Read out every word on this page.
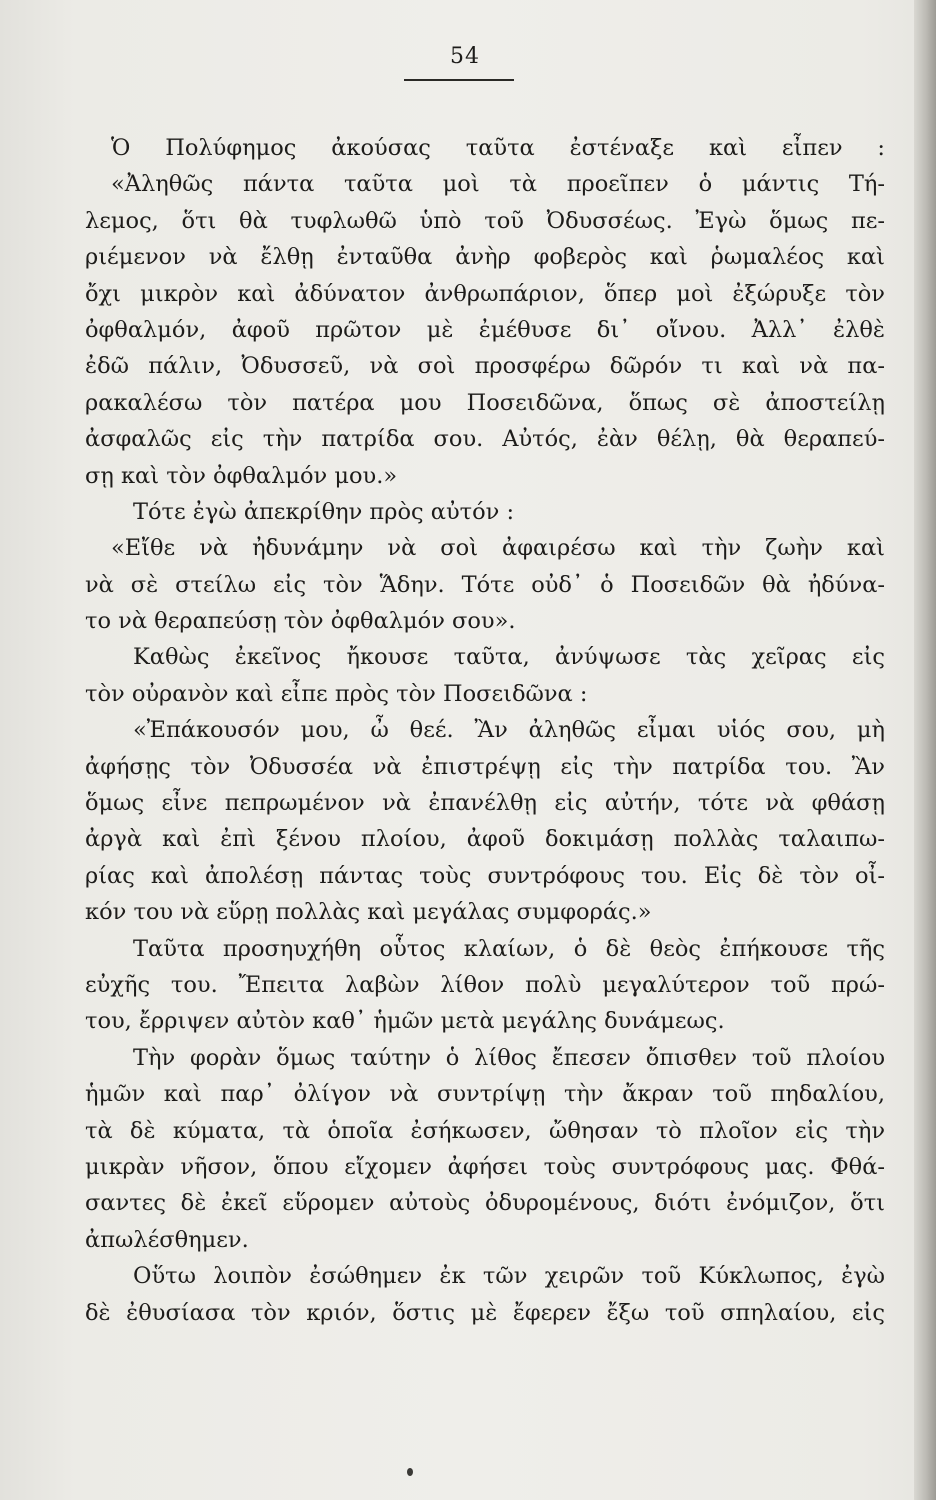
54
Ὁ Πολύφημος ἀκούσας ταῦτα ἐστέναξε καὶ εἶπεν :
«Ἀληθῶς πάντα ταῦτα μοὶ τὰ προεῖπεν ὁ μάντις Τή-
λεμος, ὅτι θὰ τυφλωθῶ ὑπὸ τοῦ Ὀδυσσέως. Ἐγὼ ὅμως πε-
ριέμενον νὰ ἔλθῃ ἐνταῦθα ἀνὴρ φοβερὸς καὶ ῥωμαλέος καὶ
ὄχι μικρὸν καὶ ἀδύνατον ἀνθρωπάριον, ὅπερ μοὶ ἐξώρυξε τὸν
ὀφθαλμόν, ἀφοῦ πρῶτον μὲ ἐμέθυσε δι᾽ οἴνου. Ἀλλ᾽ ἐλθὲ
ἐδῶ πάλιν, Ὀδυσσεῦ, νὰ σοὶ προσφέρω δῶρόν τι καὶ νὰ πα-
ρακαλέσω τὸν πατέρα μου Ποσειδῶνα, ὅπως σὲ ἀποστείλῃ
ἀσφαλῶς εἰς τὴν πατρίδα σου. Αὐτός, ἐὰν θέλῃ, θὰ θεραπεύ-
σῃ καὶ τὸν ὀφθαλμόν μου.»
Τότε ἐγὼ ἀπεκρίθην πρὸς αὐτόν :
«Εἴθε νὰ ἠδυνάμην νὰ σοὶ ἀφαιρέσω καὶ τὴν ζωὴν καὶ
νὰ σὲ στείλω εἰς τὸν Ἅδην. Τότε οὐδ᾽ ὁ Ποσειδῶν θὰ ἠδύνα-
το νὰ θεραπεύσῃ τὸν ὀφθαλμόν σου».
Καθὼς ἐκεῖνος ἤκουσε ταῦτα, ἀνύψωσε τὰς χεῖρας εἰς
τὸν οὐρανὸν καὶ εἶπε πρὸς τὸν Ποσειδῶνα :
«Ἐπάκουσόν μου, ὦ θεέ. Ἂν ἀληθῶς εἶμαι υἱός σου, μὴ
ἀφήσῃς τὸν Ὀδυσσέα νὰ ἐπιστρέψῃ εἰς τὴν πατρίδα του. Ἂν
ὅμως εἶνε πεπρωμένον νὰ ἐπανέλθῃ εἰς αὐτήν, τότε νὰ φθάσῃ
ἀργὰ καὶ ἐπὶ ξένου πλοίου, ἀφοῦ δοκιμάσῃ πολλὰς ταλαιπω-
ρίας καὶ ἀπολέσῃ πάντας τοὺς συντρόφους του. Εἰς δὲ τὸν οἶ-
κόν του νὰ εὕρῃ πολλὰς καὶ μεγάλας συμφοράς.»
Ταῦτα προσηυχήθη οὗτος κλαίων, ὁ δὲ θεὸς ἐπήκουσε τῆς
εὐχῆς του. Ἔπειτα λαβὼν λίθον πολὺ μεγαλύτερον τοῦ πρώ-
του, ἔρριψεν αὐτὸν καθ᾽ ἡμῶν μετὰ μεγάλης δυνάμεως.
Τὴν φορὰν ὅμως ταύτην ὁ λίθος ἔπεσεν ὄπισθεν τοῦ πλοίου
ἡμῶν καὶ παρ᾽ ὀλίγον νὰ συντρίψῃ τὴν ἄκραν τοῦ πηδαλίου,
τὰ δὲ κύματα, τὰ ὁποῖα ἐσήκωσεν, ὤθησαν τὸ πλοῖον εἰς τὴν
μικρὰν νῆσον, ὅπου εἴχομεν ἀφήσει τοὺς συντρόφους μας. Φθά-
σαντες δὲ ἐκεῖ εὕρομεν αὐτοὺς ὀδυρομένους, διότι ἐνόμιζον, ὅτι
ἀπωλέσθημεν.
Οὕτω λοιπὸν ἐσώθημεν ἐκ τῶν χειρῶν τοῦ Κύκλωπος, ἐγὼ
δὲ ἐθυσίασα τὸν κριόν, ὅστις μὲ ἔφερεν ἔξω τοῦ σπηλαίου, εἰς
